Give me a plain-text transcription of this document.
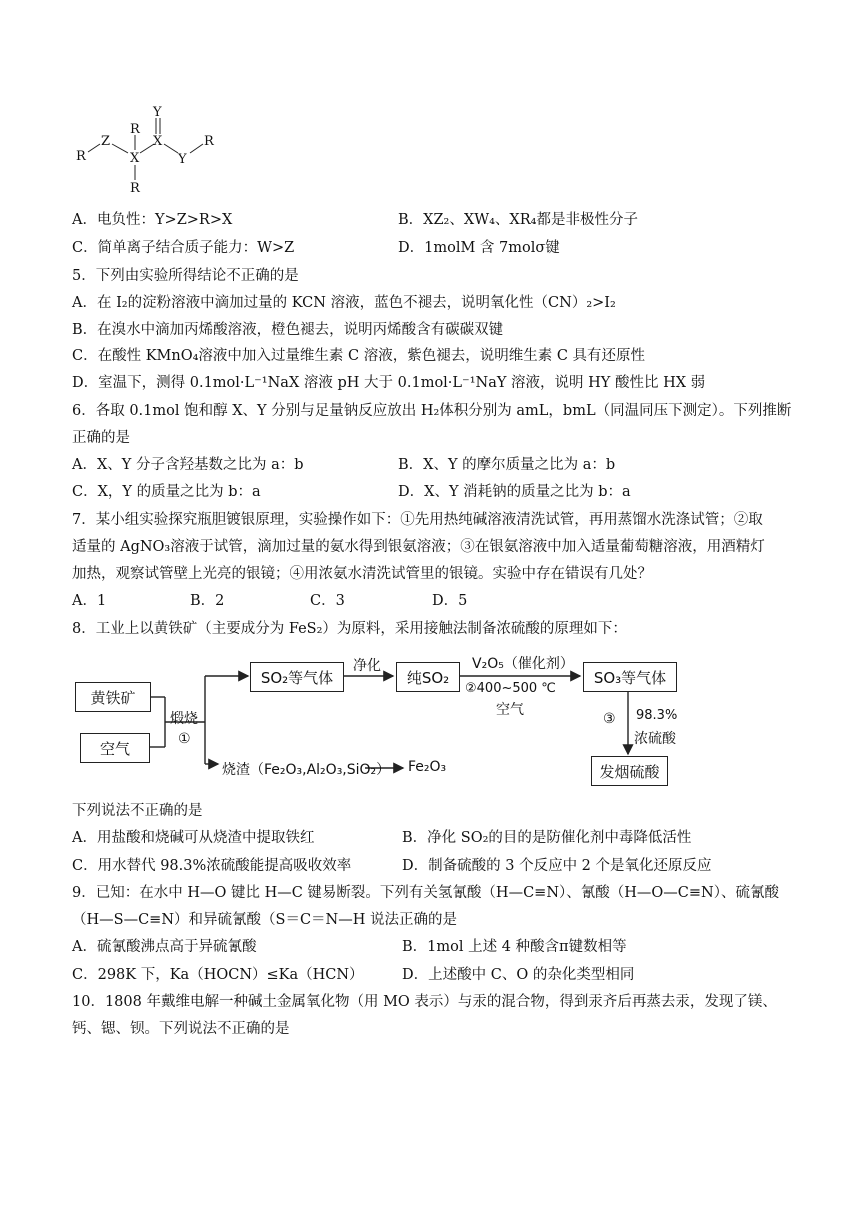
R
Z
R
X
R
X
Y
Y
R
A．电负性：Y>Z>R>X	B．XZ₂、XW₄、XR₄都是非极性分子
C．简单离子结合质子能力：W>Z	D．1molM 含 7molσ键
5．下列由实验所得结论不正确的是
A．在 I₂的淀粉溶液中滴加过量的 KCN 溶液，蓝色不褪去，说明氧化性（CN）₂>I₂
B．在溴水中滴加丙烯酸溶液，橙色褪去，说明丙烯酸含有碳碳双键
C．在酸性 KMnO₄溶液中加入过量维生素 C 溶液，紫色褪去，说明维生素 C 具有还原性
D．室温下，测得 0.1mol·L⁻¹NaX 溶液 pH 大于 0.1mol·L⁻¹NaY 溶液，说明 HY 酸性比 HX 弱
6．各取 0.1mol 饱和醇 X、Y 分别与足量钠反应放出 H₂体积分别为 amL，bmL（同温同压下测定）。下列推断
正确的是
A．X、Y 分子含羟基数之比为 a：b	B．X、Y 的摩尔质量之比为 a：b
C．X，Y 的质量之比为 b：a	D．X、Y 消耗钠的质量之比为 b：a
7．某小组实验探究瓶胆镀银原理，实验操作如下：①先用热纯碱溶液清洗试管，再用蒸馏水洗涤试管；②取
适量的 AgNO₃溶液于试管，滴加过量的氨水得到银氨溶液；③在银氨溶液中加入适量葡萄糖溶液，用酒精灯
加热，观察试管壁上光亮的银镜；④用浓氨水清洗试管里的银镜。实验中存在错误有几处？
A．1	B．2	C．3	D．5
8．工业上以黄铁矿（主要成分为 FeS₂）为原料，采用接触法制备浓硫酸的原理如下：
黄铁矿
空气
煅烧
①
SO₂等气体
净化
纯SO₂
V₂O₅（催化剂）
②400~500 ℃
空气
SO₃等气体
③ 98.3%
浓硫酸
发烟硫酸
烧渣（Fe₂O₃,Al₂O₃,SiO₂） Fe₂O₃
下列说法不正确的是
A．用盐酸和烧碱可从烧渣中提取铁红	B．净化 SO₂的目的是防催化剂中毒降低活性
C．用水替代 98.3%浓硫酸能提高吸收效率	D．制备硫酸的 3 个反应中 2 个是氧化还原反应
9．已知：在水中 H—O 键比 H—C 键易断裂。下列有关氢氰酸（H—C≡N）、氰酸（H—O—C≡N）、硫氰酸
（H—S—C≡N）和异硫氰酸（S＝C＝N—H 说法正确的是
A．硫氰酸沸点高于异硫氰酸	B．1mol 上述 4 种酸含π键数相等
C．298K 下，Ka（HOCN）≤Ka（HCN）	D．上述酸中 C、O 的杂化类型相同
10．1808 年戴维电解一种碱土金属氧化物（用 MO 表示）与汞的混合物，得到汞齐后再蒸去汞，发现了镁、
钙、锶、钡。下列说法不正确的是
